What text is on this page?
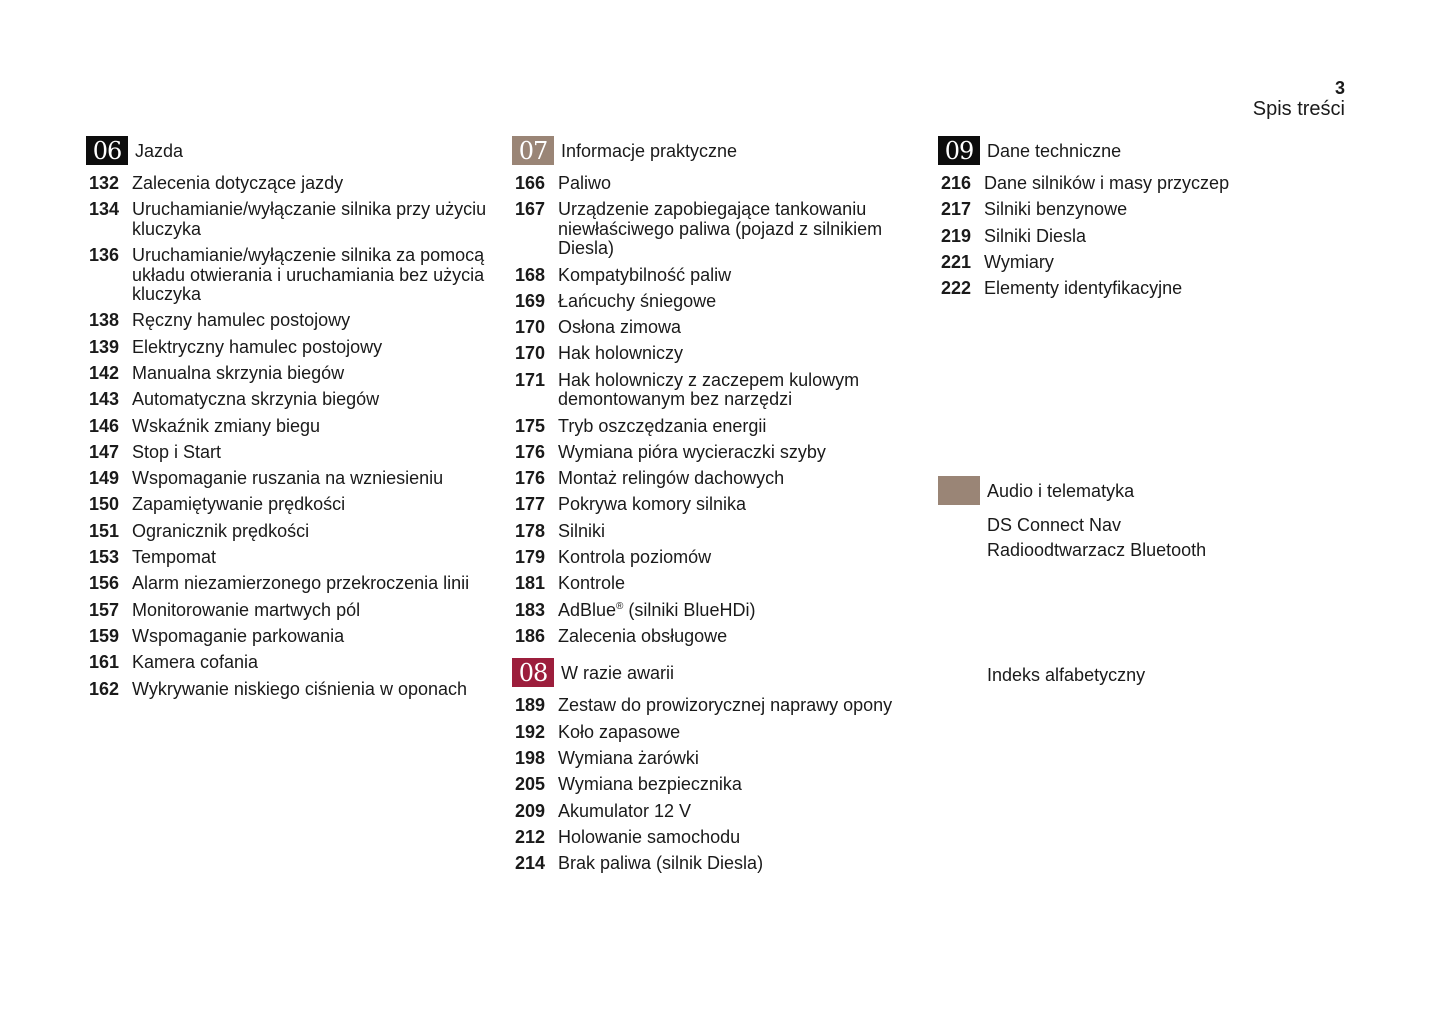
3
Spis treści
06 Jazda
132 Zalecenia dotyczące jazdy
134 Uruchamianie/wyłączanie silnika przy użyciu kluczyka
136 Uruchamianie/wyłączenie silnika za pomocą układu otwierania i uruchamiania bez użycia kluczyka
138 Ręczny hamulec postojowy
139 Elektryczny hamulec postojowy
142 Manualna skrzynia biegów
143 Automatyczna skrzynia biegów
146 Wskaźnik zmiany biegu
147 Stop i Start
149 Wspomaganie ruszania na wzniesieniu
150 Zapamiętywanie prędkości
151 Ogranicznik prędkości
153 Tempomat
156 Alarm niezamierzonego przekroczenia linii
157 Monitorowanie martwych pól
159 Wspomaganie parkowania
161 Kamera cofania
162 Wykrywanie niskiego ciśnienia w oponach
07 Informacje praktyczne
166 Paliwo
167 Urządzenie zapobiegające tankowaniu niewłaściwego paliwa (pojazd z silnikiem Diesla)
168 Kompatybilność paliw
169 Łańcuchy śniegowe
170 Osłona zimowa
170 Hak holowniczy
171 Hak holowniczy z zaczepem kulowym demontowanym bez narzędzi
175 Tryb oszczędzania energii
176 Wymiana pióra wycieraczki szyby
176 Montaż relingów dachowych
177 Pokrywa komory silnika
178 Silniki
179 Kontrola poziomów
181 Kontrole
183 AdBlue® (silniki BlueHDi)
186 Zalecenia obsługowe
08 W razie awarii
189 Zestaw do prowizorycznej naprawy opony
192 Koło zapasowe
198 Wymiana żarówki
205 Wymiana bezpiecznika
209 Akumulator 12 V
212 Holowanie samochodu
214 Brak paliwa (silnik Diesla)
09 Dane techniczne
216 Dane silników i masy przyczep
217 Silniki benzynowe
219 Silniki Diesla
221 Wymiary
222 Elementy identyfikacyjne
Audio i telematyka
DS Connect Nav
Radioodtwarzacz Bluetooth
Indeks alfabetyczny
